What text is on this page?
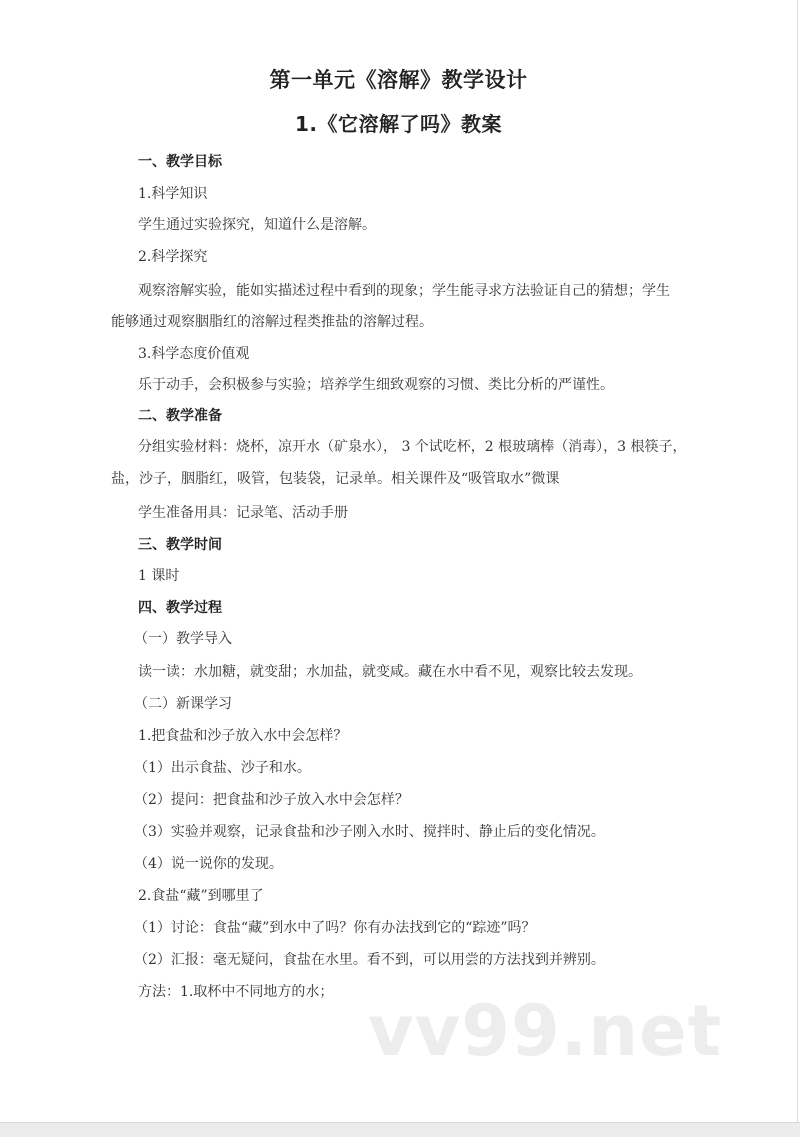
第一单元《溶解》教学设计
1.《它溶解了吗》教案
一、教学目标
1.科学知识
学生通过实验探究，知道什么是溶解。
2.科学探究
观察溶解实验，能如实描述过程中看到的现象；学生能寻求方法验证自己的猜想；学生
能够通过观察胭脂红的溶解过程类推盐的溶解过程。
3.科学态度价值观
乐于动手，会积极参与实验；培养学生细致观察的习惯、类比分析的严谨性。
二、教学准备
分组实验材料：烧杯，凉开水（矿泉水）， 3 个试吃杯，2 根玻璃棒（消毒），3 根筷子，
盐，沙子，胭脂红，吸管，包装袋，记录单。相关课件及“吸管取水”微课
学生准备用具：记录笔、活动手册
三、教学时间
1 课时
四、教学过程
（一）教学导入
读一读：水加糖，就变甜；水加盐，就变咸。藏在水中看不见，观察比较去发现。
（二）新课学习
1.把食盐和沙子放入水中会怎样？
（1）出示食盐、沙子和水。
（2）提问：把食盐和沙子放入水中会怎样？
（3）实验并观察，记录食盐和沙子刚入水时、搅拌时、静止后的变化情况。
（4）说一说你的发现。
2.食盐“藏”到哪里了
（1）讨论：食盐“藏”到水中了吗？你有办法找到它的“踪迹”吗？
（2）汇报：毫无疑问，食盐在水里。看不到，可以用尝的方法找到并辨别。
方法：1.取杯中不同地方的水； vv99.net
